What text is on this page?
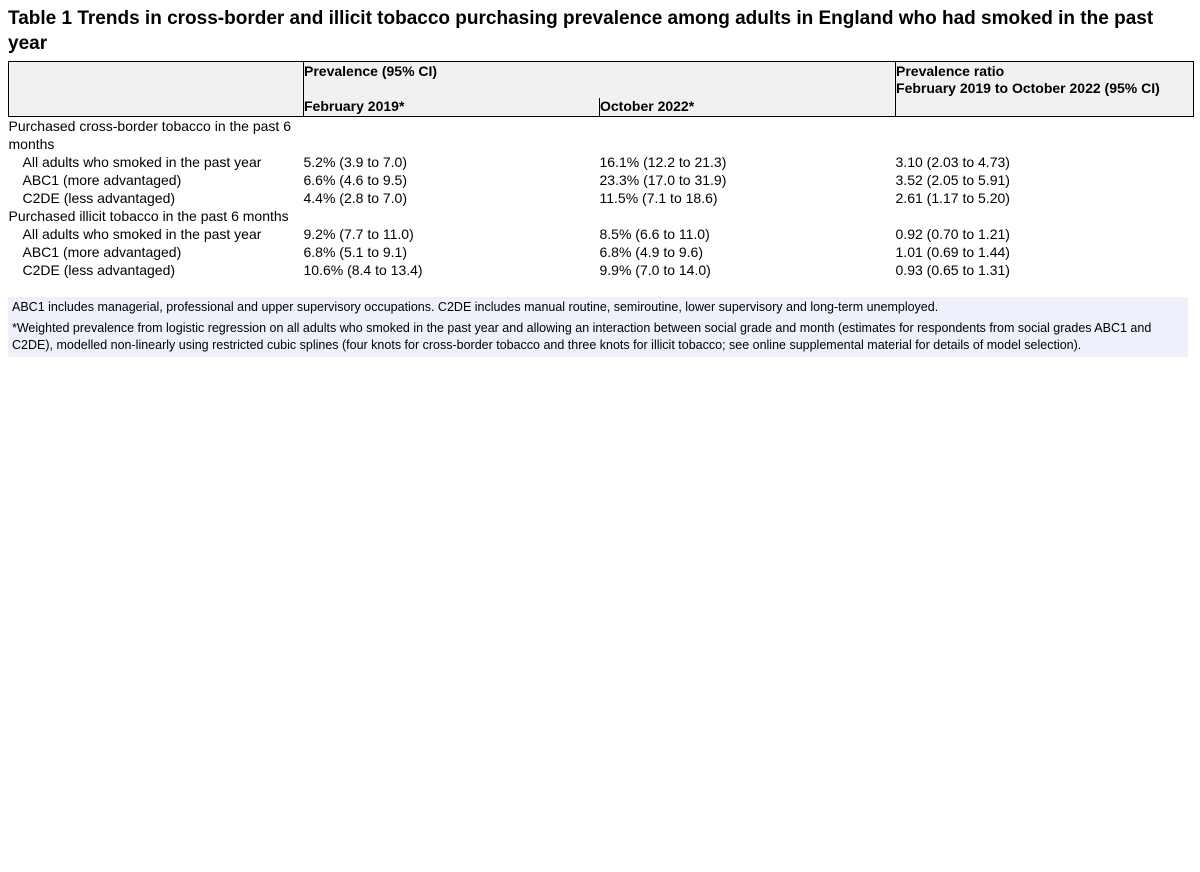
Table 1 Trends in cross-border and illicit tobacco purchasing prevalence among adults in England who had smoked in the past year
	Prevalence (95% CI)		Prevalence ratio
February 2019 to October 2022 (95% CI)

	February 2019*	October 2022*	
Purchased cross-border tobacco in the past 6 months			
All adults who smoked in the past year	5.2% (3.9 to 7.0)	16.1% (12.2 to 21.3)	3.10 (2.03 to 4.73)
ABC1 (more advantaged)	6.6% (4.6 to 9.5)	23.3% (17.0 to 31.9)	3.52 (2.05 to 5.91)
C2DE (less advantaged)	4.4% (2.8 to 7.0)	11.5% (7.1 to 18.6)	2.61 (1.17 to 5.20)
Purchased illicit tobacco in the past 6 months			
All adults who smoked in the past year	9.2% (7.7 to 11.0)	8.5% (6.6 to 11.0)	0.92 (0.70 to 1.21)
ABC1 (more advantaged)	6.8% (5.1 to 9.1)	6.8% (4.9 to 9.6)	1.01 (0.69 to 1.44)
C2DE (less advantaged)	10.6% (8.4 to 13.4)	9.9% (7.0 to 14.0)	0.93 (0.65 to 1.31)

ABC1 includes managerial, professional and upper supervisory occupations. C2DE includes manual routine, semiroutine, lower supervisory and long-term unemployed.

*Weighted prevalence from logistic regression on all adults who smoked in the past year and allowing an interaction between social grade and month (estimates for respondents from social grades ABC1 and C2DE), modelled non-linearly using restricted cubic splines (four knots for cross-border tobacco and three knots for illicit tobacco; see online supplemental material for details of model selection).
